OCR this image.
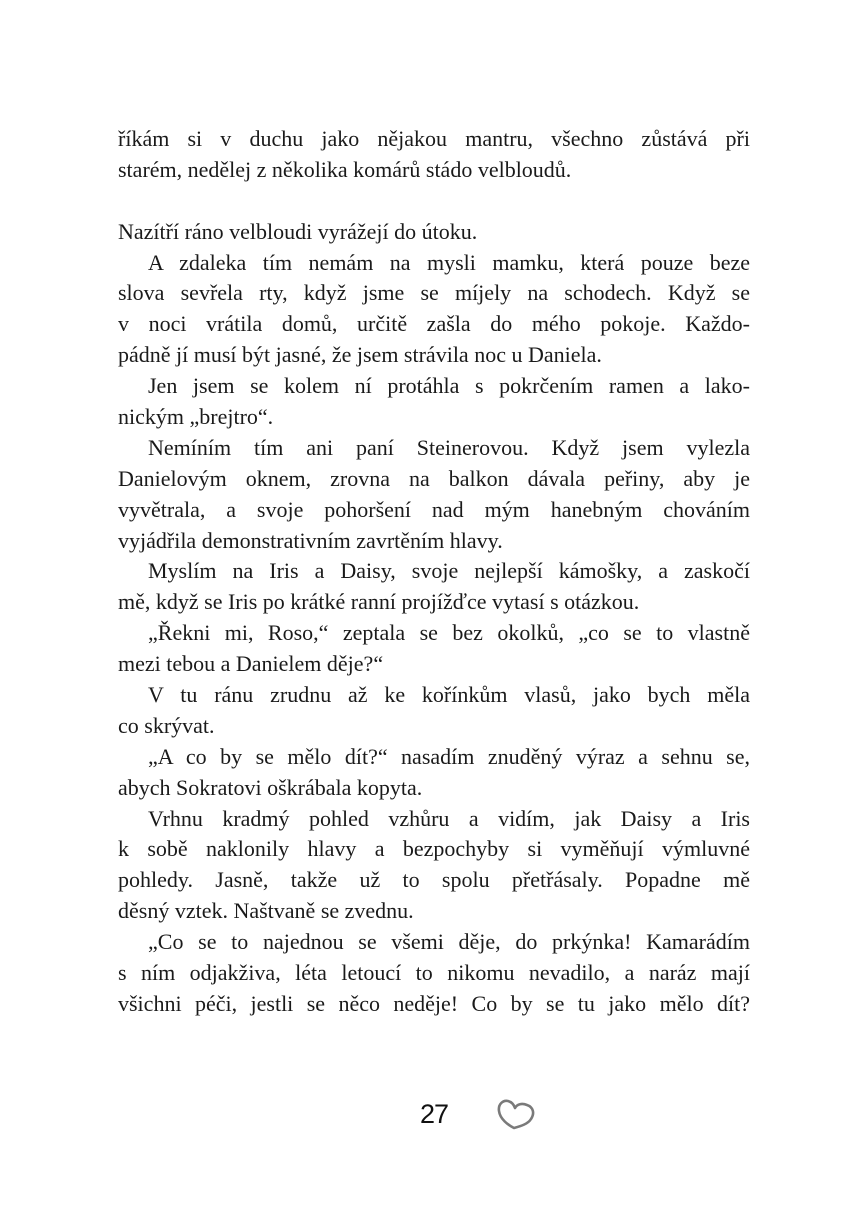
říkám si v duchu jako nějakou mantru, všechno zůstává při
starém, nedělej z několika komárů stádo velbloudů.
Nazítří ráno velbloudi vyrážejí do útoku.
A zdaleka tím nemám na mysli mamku, která pouze beze
slova sevřela rty, když jsme se míjely na schodech. Když se
v noci vrátila domů, určitě zašla do mého pokoje. Každo-
pádně jí musí být jasné, že jsem strávila noc u Daniela.
Jen jsem se kolem ní protáhla s pokrčením ramen a lako-
nickým „brejtro“.
Nemíním tím ani paní Steinerovou. Když jsem vylezla
Danielovým oknem, zrovna na balkon dávala peřiny, aby je
vyvětrala, a svoje pohoršení nad mým hanebným chováním
vyjádřila demonstrativním zavrtěním hlavy.
Myslím na Iris a Daisy, svoje nejlepší kámošky, a zaskočí
mě, když se Iris po krátké ranní projížďce vytasí s otázkou.
„Řekni mi, Roso,“ zeptala se bez okolků, „co se to vlastně
mezi tebou a Danielem děje?“
V tu ránu zrudnu až ke kořínkům vlasů, jako bych měla
co skrývat.
„A co by se mělo dít?“ nasadím znuděný výraz a sehnu se,
abych Sokratovi oškrábala kopyta.
Vrhnu kradmý pohled vzhůru a vidím, jak Daisy a Iris
k sobě naklonily hlavy a bezpochyby si vyměňují výmluvné
pohledy. Jasně, takže už to spolu přetřásaly. Popadne mě
děsný vztek. Naštvaně se zvednu.
„Co se to najednou se všemi děje, do prkýnka! Kamarádím
s ním odjakživa, léta letoucí to nikomu nevadilo, a naráz mají
všichni péči, jestli se něco neděje! Co by se tu jako mělo dít?
27
